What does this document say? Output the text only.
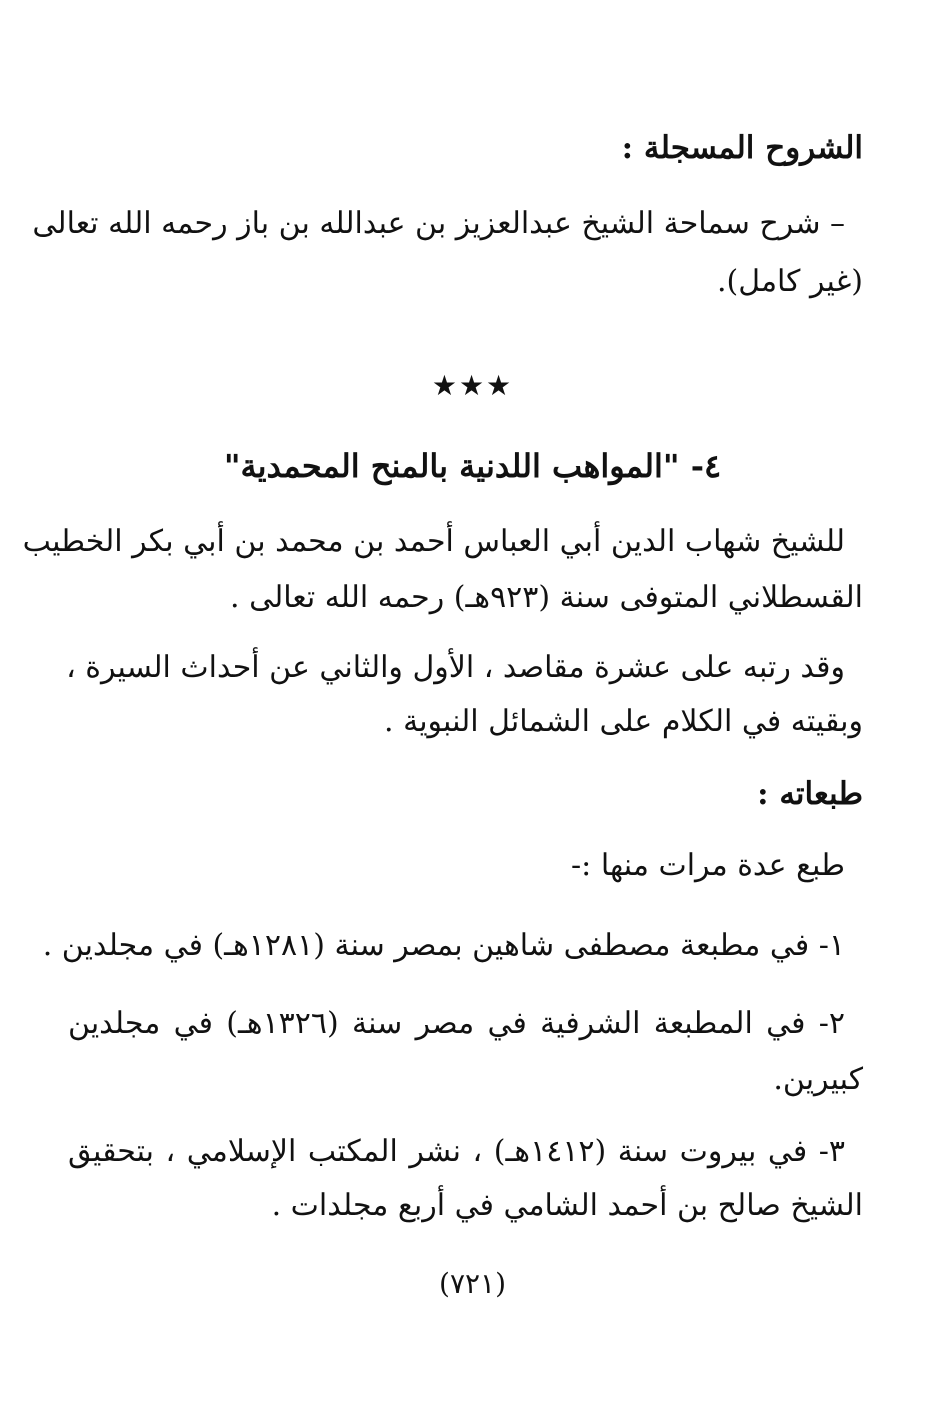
الشروح المسجلة :
– شرح سماحة الشيخ عبدالعزيز بن عبدالله بن باز رحمه الله تعالى
(غير كامل).
★★★
٤- "المواهب اللدنية بالمنح المحمدية"
للشيخ شهاب الدين أبي العباس أحمد بن محمد بن أبي بكر الخطيب
القسطلاني المتوفى سنة (٩٢٣هـ) رحمه الله تعالى .
وقد رتبه على عشرة مقاصد ، الأول والثاني عن أحداث السيرة ،
وبقيته في الكلام على الشمائل النبوية .
طبعاته :
طبع عدة مرات منها :-
١- في مطبعة مصطفى شاهين بمصر سنة (١٢٨١هـ) في مجلدين .
٢- في المطبعة الشرفية في مصر سنة (١٣٢٦هـ) في مجلدين
كبيرين.
٣- في بيروت سنة (١٤١٢هـ) ، نشر المكتب الإسلامي ، بتحقيق
الشيخ صالح بن أحمد الشامي في أربع مجلدات .
(٧٢١)
